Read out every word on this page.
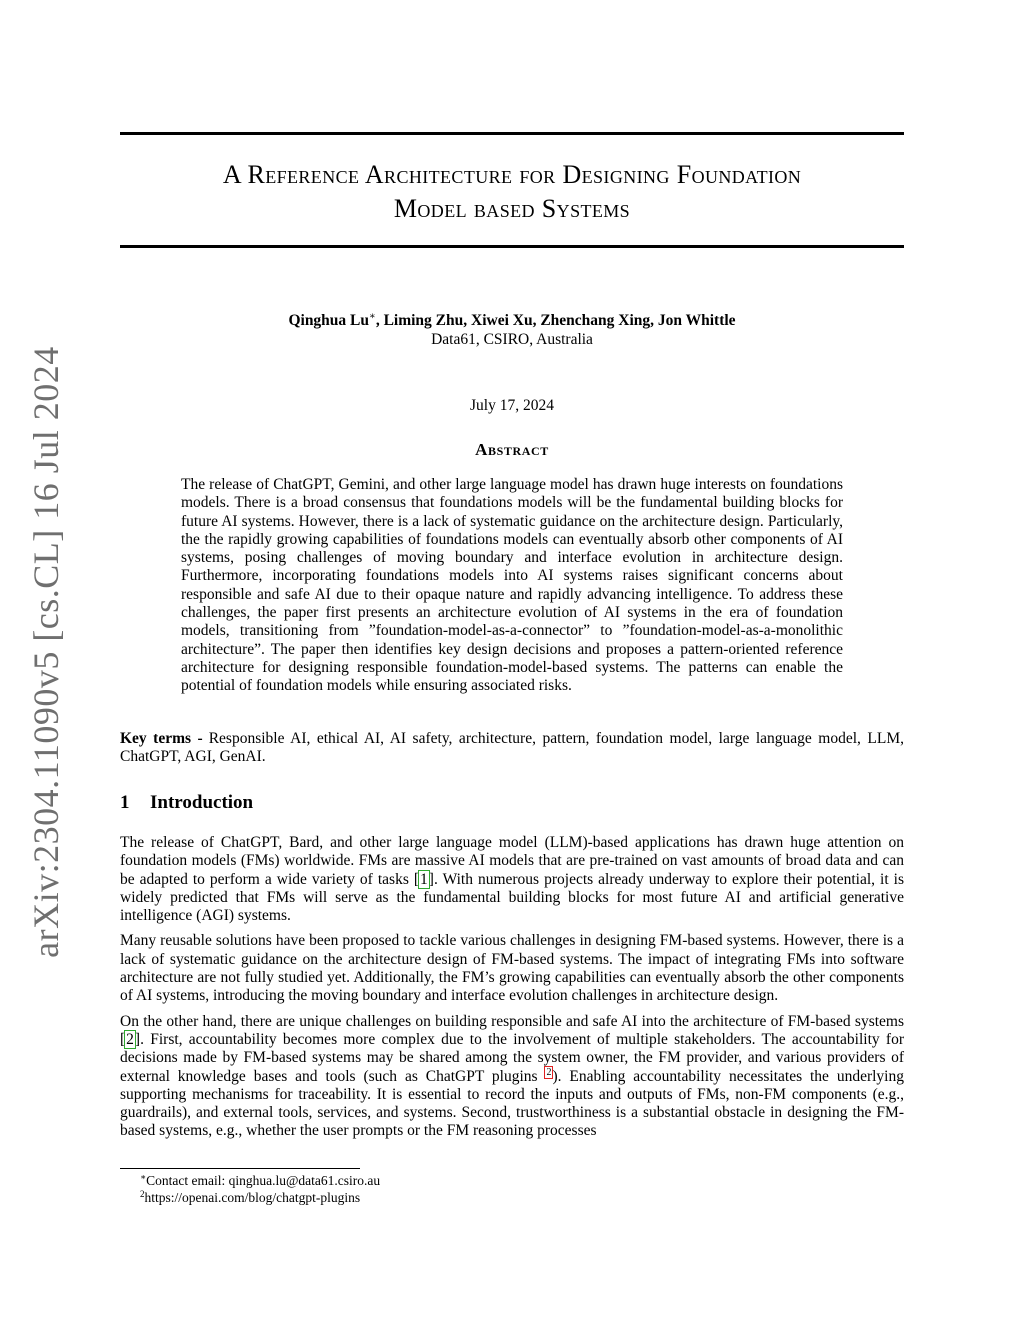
arXiv:2304.11090v5 [cs.CL] 16 Jul 2024
A Reference Architecture for Designing Foundation
Model based Systems
Qinghua Lu∗, Liming Zhu, Xiwei Xu, Zhenchang Xing, Jon Whittle
Data61, CSIRO, Australia
July 17, 2024
Abstract

The release of ChatGPT, Gemini, and other large language model has drawn huge interests on foundations models. There is a broad consensus that foundations models will be the fundamental building blocks for future AI systems. However, there is a lack of systematic guidance on the architecture design. Particularly, the the rapidly growing capabilities of foundations models can eventually absorb other components of AI systems, posing challenges of moving boundary and interface evolution in architecture design. Furthermore, incorporating foundations models into AI systems raises significant concerns about responsible and safe AI due to their opaque nature and rapidly advancing intelligence. To address these challenges, the paper first presents an architecture evolution of AI systems in the era of foundation models, transitioning from ”foundation-model-as-a-connector” to ”foundation-model-as-a-monolithic architecture”. The paper then identifies key design decisions and proposes a pattern-oriented reference architecture for designing responsible foundation-model-based systems. The patterns can enable the potential of foundation models while ensuring associated risks.

Key terms - Responsible AI, ethical AI, AI safety, architecture, pattern, foundation model, large language model, LLM, ChatGPT, AGI, GenAI.

1 Introduction

The release of ChatGPT, Bard, and other large language model (LLM)-based applications has drawn huge attention on foundation models (FMs) worldwide. FMs are massive AI models that are pre-trained on vast amounts of broad data and can be adapted to perform a wide variety of tasks [1]. With numerous projects already underway to explore their potential, it is widely predicted that FMs will serve as the fundamental building blocks for most future AI and artificial generative intelligence (AGI) systems.

Many reusable solutions have been proposed to tackle various challenges in designing FM-based systems. However, there is a lack of systematic guidance on the architecture design of FM-based systems. The impact of integrating FMs into software architecture are not fully studied yet. Additionally, the FM’s growing capabilities can eventually absorb the other components of AI systems, introducing the moving boundary and interface evolution challenges in architecture design.

On the other hand, there are unique challenges on building responsible and safe AI into the architecture of FM-based systems [2]. First, accountability becomes more complex due to the involvement of multiple stakeholders. The accountability for decisions made by FM-based systems may be shared among the system owner, the FM provider, and various providers of external knowledge bases and tools (such as ChatGPT plugins $^2$). Enabling accountability necessitates the underlying supporting mechanisms for traceability. It is essential to record the inputs and outputs of FMs, non-FM components (e.g., guardrails), and external tools, services, and systems. Second, trustworthiness is a substantial obstacle in designing the FM-based systems, e.g., whether the user prompts or the FM reasoning processes

∗Contact email: qinghua.lu@data61.csiro.au
$^2$https://openai.com/blog/chatgpt-plugins
